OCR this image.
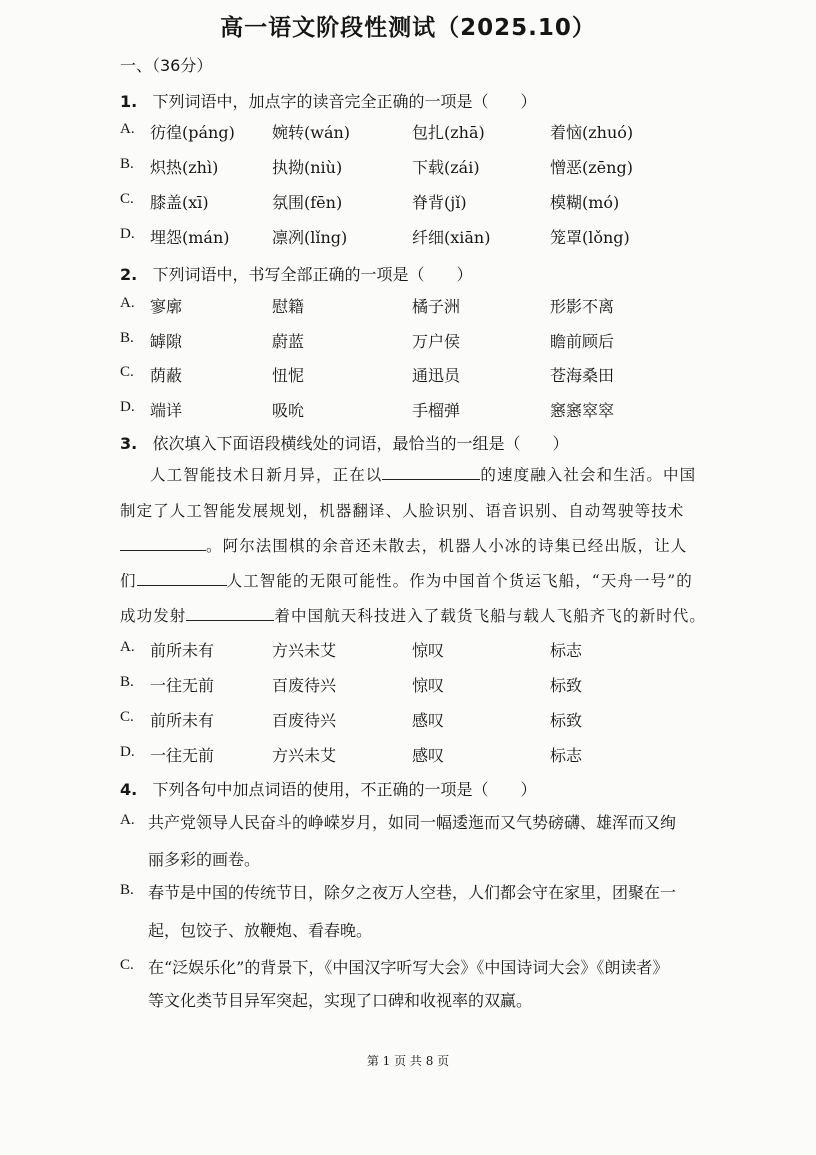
高一语文阶段性测试（2025.10）
一、（36分）
1. 下列词语中，加点字的读音完全正确的一项是（　　）
A. 彷徨(páng) 婉转(wán)	包扎(zhā)	着恼(zhuó)
B. 炽热(zhì)	执拗(niù)	下载(zái)	憎恶(zēng)
C. 膝盖(xī)	氛围(fēn)	脊背(jǐ)	模糊(mó)
D. 埋怨(mán)	凛冽(lǐng)	纤细(xiān)	笼罩(lǒng)
2. 下列词语中，书写全部正确的一项是（　　）
A. 寥廓	慰籍	橘子洲	形影不离
B. 罅隙	蔚蓝	万户侯	瞻前顾后
C. 荫蔽	忸怩	通迅员	苍海桑田
D. 端详	吸吮	手榴弹	窸窸窣窣
3. 依次填入下面语段横线处的词语，最恰当的一组是（　　）
人工智能技术日新月异，正在以	的速度融入社会和生活。中国
制定了人工智能发展规划，机器翻译、人脸识别、语音识别、自动驾驶等技术
。阿尔法围棋的余音还未散去，机器人小冰的诗集已经出版，让人
们	人工智能的无限可能性。作为中国首个货运飞船，“天舟一号”的
成功发射	着中国航天科技进入了载货飞船与载人飞船齐飞的新时代。
A. 前所未有	方兴未艾	惊叹	标志
B. 一往无前	百废待兴	惊叹	标致
C. 前所未有	百废待兴	感叹	标致
D. 一往无前	方兴未艾	感叹	标志
4. 下列各句中加点词语的使用，不正确的一项是（　　）
A. 共产党领导人民奋斗的峥嵘岁月，如同一幅逶迤而又气势磅礴、雄浑而又绚
丽多彩的画卷。
B. 春节是中国的传统节日，除夕之夜万人空巷，人们都会守在家里，团聚在一
起，包饺子、放鞭炮、看春晚。
C. 在“泛娱乐化”的背景下，《中国汉字听写大会》《中国诗词大会》《朗读者》
等文化类节目异军突起，实现了口碑和收视率的双赢。
第 1 页 共 8 页
